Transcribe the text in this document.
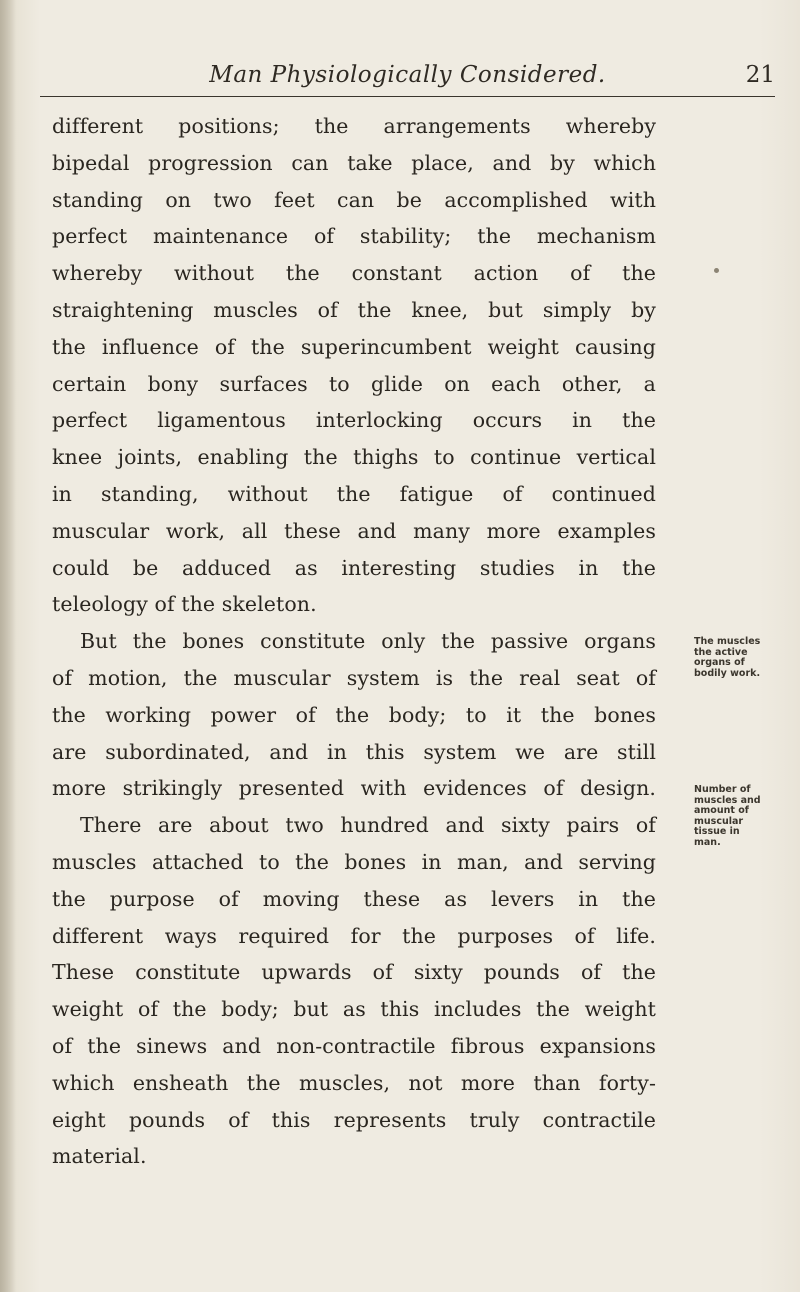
Man Physiologically Considered.	21
different positions; the arrangements whereby
bipedal progression can take place, and by which
standing on two feet can be accomplished with
perfect maintenance of stability; the mechanism
whereby without the constant action of the
straightening muscles of the knee, but simply by
the influence of the superincumbent weight causing
certain bony surfaces to glide on each other, a
perfect ligamentous interlocking occurs in the
knee joints, enabling the thighs to continue vertical
in standing, without the fatigue of continued
muscular work, all these and many more examples
could be adduced as interesting studies in the
teleology of the skeleton.
But the bones constitute only the passive organs
of motion, the muscular system is the real seat of
the working power of the body; to it the bones
are subordinated, and in this system we are still
more strikingly presented with evidences of design.
There are about two hundred and sixty pairs of
muscles attached to the bones in man, and serving
the purpose of moving these as levers in the
different ways required for the purposes of life.
These constitute upwards of sixty pounds of the
weight of the body; but as this includes the weight
of the sinews and non-contractile fibrous expansions
which ensheath the muscles, not more than forty-
eight pounds of this represents truly contractile
material.
The muscles
the active
organs of
bodily work.
Number of
muscles and
amount of
muscular
tissue in
man.
